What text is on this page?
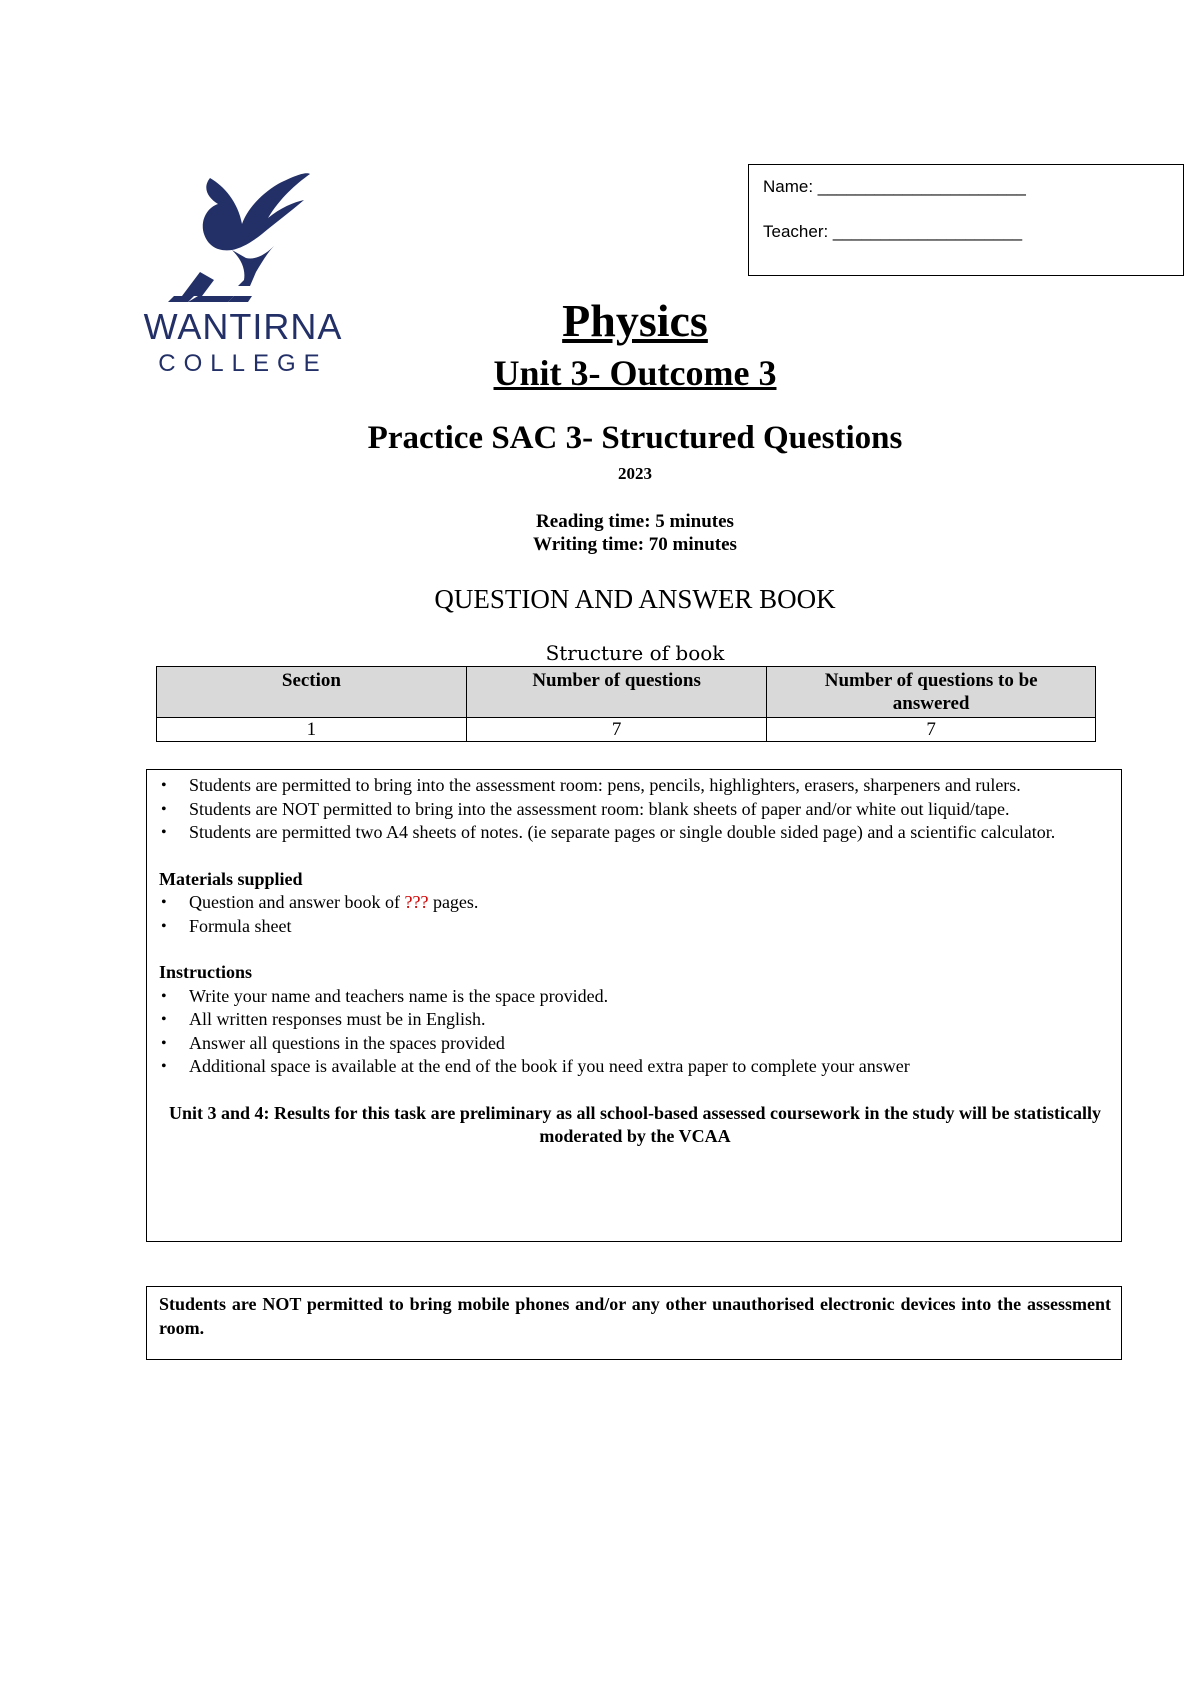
WANTIRNA
COLLEGE
Name: ______________________
Teacher: ____________________
Physics
Unit 3- Outcome 3
Practice SAC 3- Structured Questions
2023
Reading time: 5 minutes
Writing time: 70 minutes
QUESTION AND ANSWER BOOK
Structure of book
Section	Number of questions	Number of questions to be answered
1	7	7
• Students are permitted to bring into the assessment room: pens, pencils, highlighters, erasers, sharpeners and rulers.
• Students are NOT permitted to bring into the assessment room: blank sheets of paper and/or white out liquid/tape.
• Students are permitted two A4 sheets of notes. (ie separate pages or single double sided page) and a scientific calculator.
Materials supplied
• Question and answer book of ??? pages.
• Formula sheet
Instructions
• Write your name and teachers name is the space provided.
• All written responses must be in English.
• Answer all questions in the spaces provided
• Additional space is available at the end of the book if you need extra paper to complete your answer
Unit 3 and 4: Results for this task are preliminary as all school-based assessed coursework in the study will be statistically moderated by the VCAA
Students are NOT permitted to bring mobile phones and/or any other unauthorised electronic devices into the assessment room.
